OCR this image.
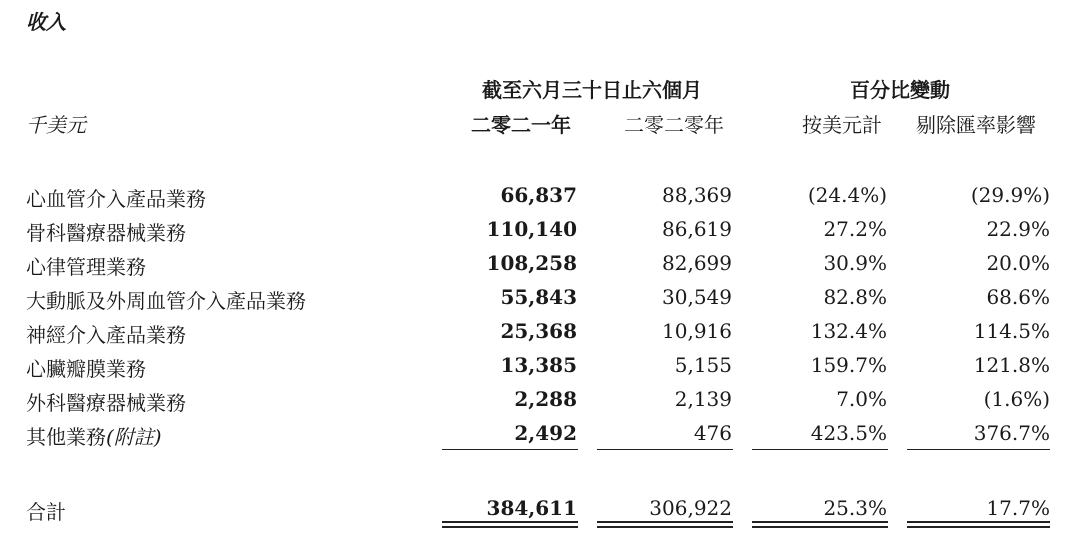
收入
截至六月三十日止六個月	百分比變動
千美元	二零二一年	二零二零年	按美元計	剔除匯率影響
心血管介入產品業務	66,837	88,369	(24.4%)	(29.9%)
骨科醫療器械業務	110,140	86,619	27.2%	22.9%
心律管理業務	108,258	82,699	30.9%	20.0%
大動脈及外周血管介入產品業務	55,843	30,549	82.8%	68.6%
神經介入產品業務	25,368	10,916	132.4%	114.5%
心臟瓣膜業務	13,385	5,155	159.7%	121.8%
外科醫療器械業務	2,288	2,139	7.0%	(1.6%)
其他業務(附註)	2,492	476	423.5%	376.7%
合計	384,611	306,922	25.3%	17.7%
